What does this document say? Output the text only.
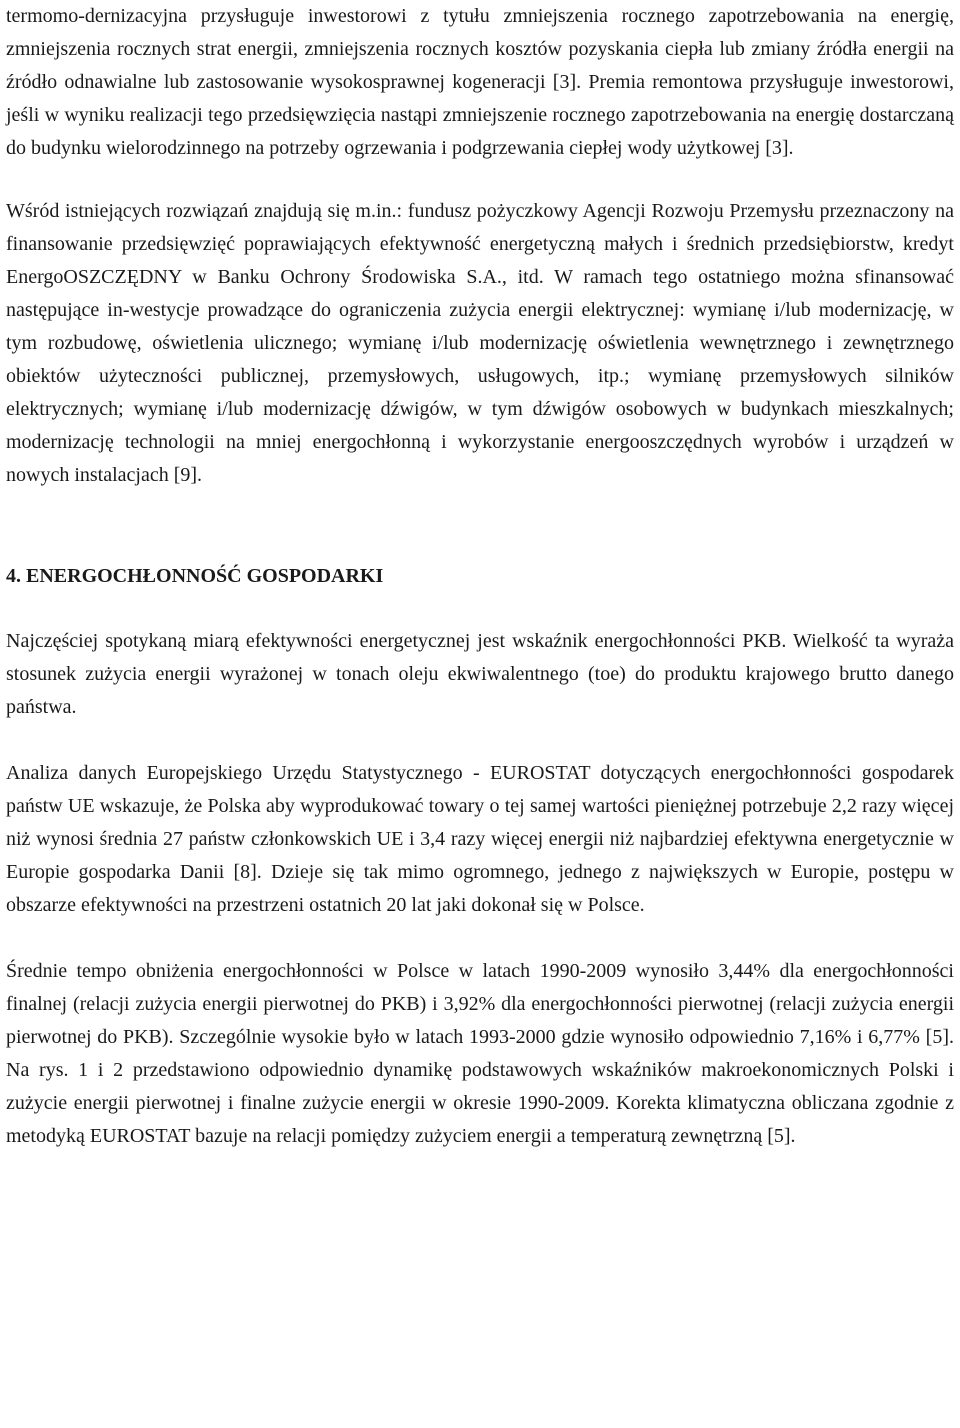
termomo-dernizacyjna przysługuje inwestorowi z tytułu zmniejszenia rocznego zapotrzebowania na energię, zmniejszenia rocznych strat energii, zmniejszenia rocznych kosztów pozyskania ciepła lub zmiany źródła energii na źródło odnawialne lub zastosowanie wysokosprawnej kogeneracji [3]. Premia remontowa przysługuje inwestorowi, jeśli w wyniku realizacji tego przedsięwzięcia nastąpi zmniejszenie rocznego zapotrzebowania na energię dostarczaną do budynku wielorodzinnego na potrzeby ogrzewania i podgrzewania ciepłej wody użytkowej [3].

Wśród istniejących rozwiązań znajdują się m.in.: fundusz pożyczkowy Agencji Rozwoju Przemysłu przeznaczony na finansowanie przedsięwzięć poprawiających efektywność energetyczną małych i średnich przedsiębiorstw, kredyt EnergoOSZCZĘDNY w Banku Ochrony Środowiska S.A., itd. W ramach tego ostatniego można sfinansować następujące in-westycje prowadzące do ograniczenia zużycia energii elektrycznej: wymianę i/lub modernizację, w tym rozbudowę, oświetlenia ulicznego; wymianę i/lub modernizację oświetlenia wewnętrznego i zewnętrznego obiektów użyteczności publicznej, przemysłowych, usługowych, itp.; wymianę przemysłowych silników elektrycznych; wymianę i/lub modernizację dźwigów, w tym dźwigów osobowych w budynkach mieszkalnych; modernizację technologii na mniej energochłonną i wykorzystanie energooszczędnych wyrobów i urządzeń w nowych instalacjach [9].

4. ENERGOCHŁONNOŚĆ GOSPODARKI

Najczęściej spotykaną miarą efektywności energetycznej jest wskaźnik energochłonności PKB. Wielkość ta wyraża stosunek zużycia energii wyrażonej w tonach oleju ekwiwalentnego (toe) do produktu krajowego brutto danego państwa.

Analiza danych Europejskiego Urzędu Statystycznego - EUROSTAT dotyczących energochłonności gospodarek państw UE wskazuje, że Polska aby wyprodukować towary o tej samej wartości pieniężnej potrzebuje 2,2 razy więcej niż wynosi średnia 27 państw członkowskich UE i 3,4 razy więcej energii niż najbardziej efektywna energetycznie w Europie gospodarka Danii [8]. Dzieje się tak mimo ogromnego, jednego z największych w Europie, postępu w obszarze efektywności na przestrzeni ostatnich 20 lat jaki dokonał się w Polsce.

Średnie tempo obniżenia energochłonności w Polsce w latach 1990-2009 wynosiło 3,44% dla energochłonności finalnej (relacji zużycia energii pierwotnej do PKB) i 3,92% dla energochłonności pierwotnej (relacji zużycia energii pierwotnej do PKB). Szczególnie wysokie było w latach 1993-2000 gdzie wynosiło odpowiednio 7,16% i 6,77% [5]. Na rys. 1 i 2 przedstawiono odpowiednio dynamikę podstawowych wskaźników makroekonomicznych Polski i zużycie energii pierwotnej i finalne zużycie energii w okresie 1990-2009. Korekta klimatyczna obliczana zgodnie z metodyką EUROSTAT bazuje na relacji pomiędzy zużyciem energii a temperaturą zewnętrzną [5].
